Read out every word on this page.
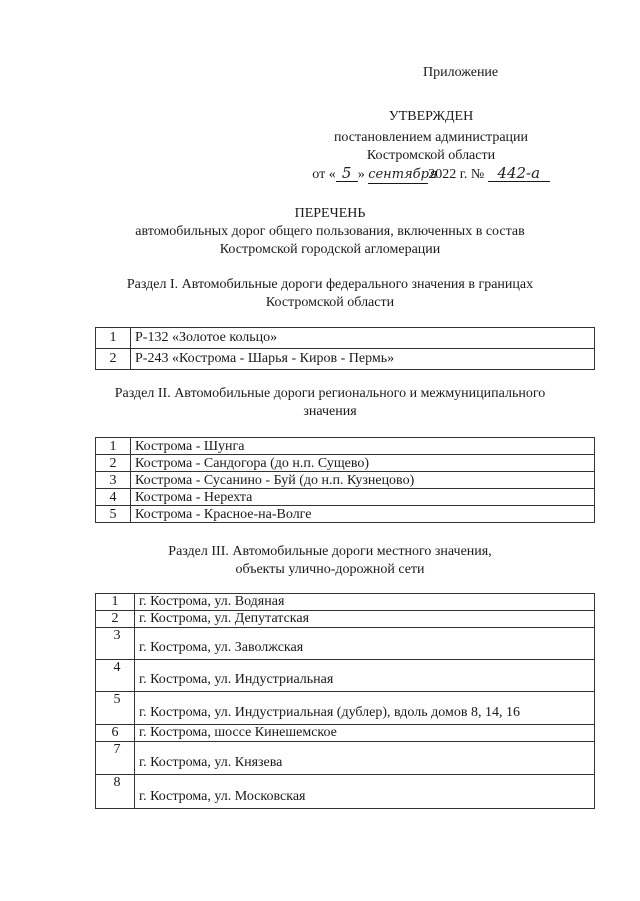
Приложение
УТВЕРЖДЕН
постановлением администрации
Костромской области
от « 5 » сентября2022 г. № 442-а
ПЕРЕЧЕНЬ
автомобильных дорог общего пользования, включенных в состав
Костромской городской агломерации
Раздел I. Автомобильные дороги федерального значения в границах
Костромской области
1	Р-132 «Золотое кольцо»
2	Р-243 «Кострома - Шарья - Киров - Пермь»
Раздел II. Автомобильные дороги регионального и межмуниципального
значения
1	Кострома - Шунга
2	Кострома - Сандогора (до н.п. Сущево)
3	Кострома - Сусанино - Буй (до н.п. Кузнецово)
4	Кострома - Нерехта
5	Кострома - Красное-на-Волге
Раздел III. Автомобильные дороги местного значения,
объекты улично-дорожной сети
1	г. Кострома, ул. Водяная
2	г. Кострома, ул. Депутатская
3	г. Кострома, ул. Заволжская
4	г. Кострома, ул. Индустриальная
5	г. Кострома, ул. Индустриальная (дублер), вдоль домов 8, 14, 16
6	г. Кострома, шоссе Кинешемское
7	г. Кострома, ул. Князева
8	г. Кострома, ул. Московская
